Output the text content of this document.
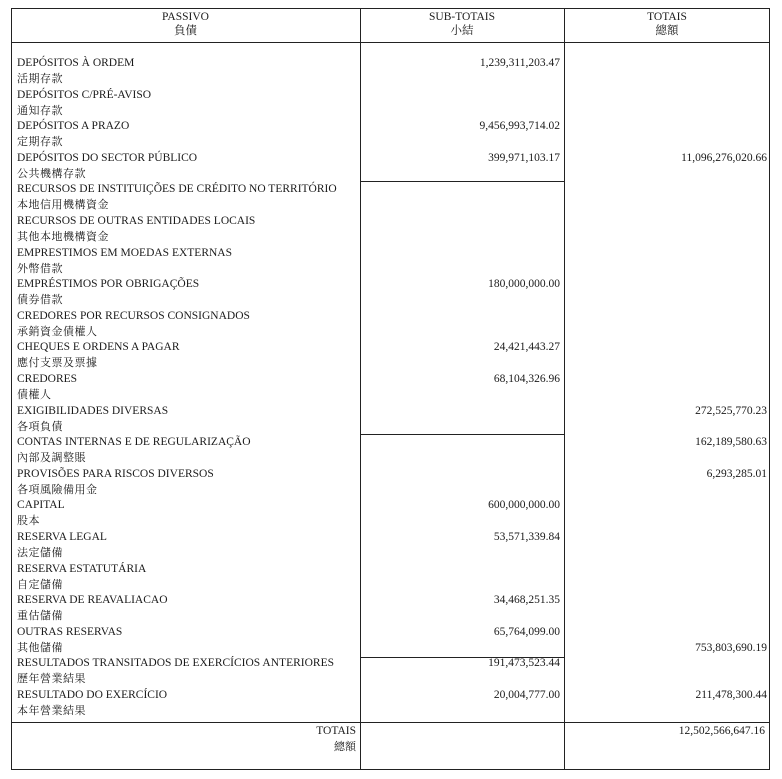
PASSIVO
負債
SUB-TOTAIS
小結
TOTAIS
總額
DEPÓSITOS À ORDEM
活期存款
1,239,311,203.47
DEPÓSITOS C/PRÉ-AVISO
通知存款
DEPÓSITOS A PRAZO
定期存款
9,456,993,714.02
DEPÓSITOS DO SECTOR PÚBLICO
公共機構存款
399,971,103.17	11,096,276,020.66
RECURSOS DE INSTITUIÇÕES DE CRÉDITO NO TERRITÓRIO
本地信用機構資金
RECURSOS DE OUTRAS ENTIDADES LOCAIS
其他本地機構資金
EMPRESTIMOS EM MOEDAS EXTERNAS
外幣借款
EMPRÉSTIMOS POR OBRIGAÇÕES
債券借款
180,000,000.00
CREDORES POR RECURSOS CONSIGNADOS
承銷資金債權人
CHEQUES E ORDENS A PAGAR
應付支票及票據
24,421,443.27
CREDORES
債權人
68,104,326.96
EXIGIBILIDADES DIVERSAS
各項負債
272,525,770.23
CONTAS INTERNAS E DE REGULARIZAÇÃO
內部及調整賬
162,189,580.63
PROVISÕES PARA RISCOS DIVERSOS
各項風險備用金
6,293,285.01
CAPITAL
股本
600,000,000.00
RESERVA LEGAL
法定儲備
53,571,339.84
RESERVA ESTATUTÁRIA
自定儲備
RESERVA DE REAVALIACAO
重估儲備
34,468,251.35
OUTRAS RESERVAS
其他儲備
65,764,099.00
753,803,690.19
RESULTADOS TRANSITADOS DE EXERCÍCIOS ANTERIORES
歷年營業結果
191,473,523.44
RESULTADO DO EXERCÍCIO
本年營業結果
20,004,777.00	211,478,300.44
TOTAIS
總額
12,502,566,647.16
